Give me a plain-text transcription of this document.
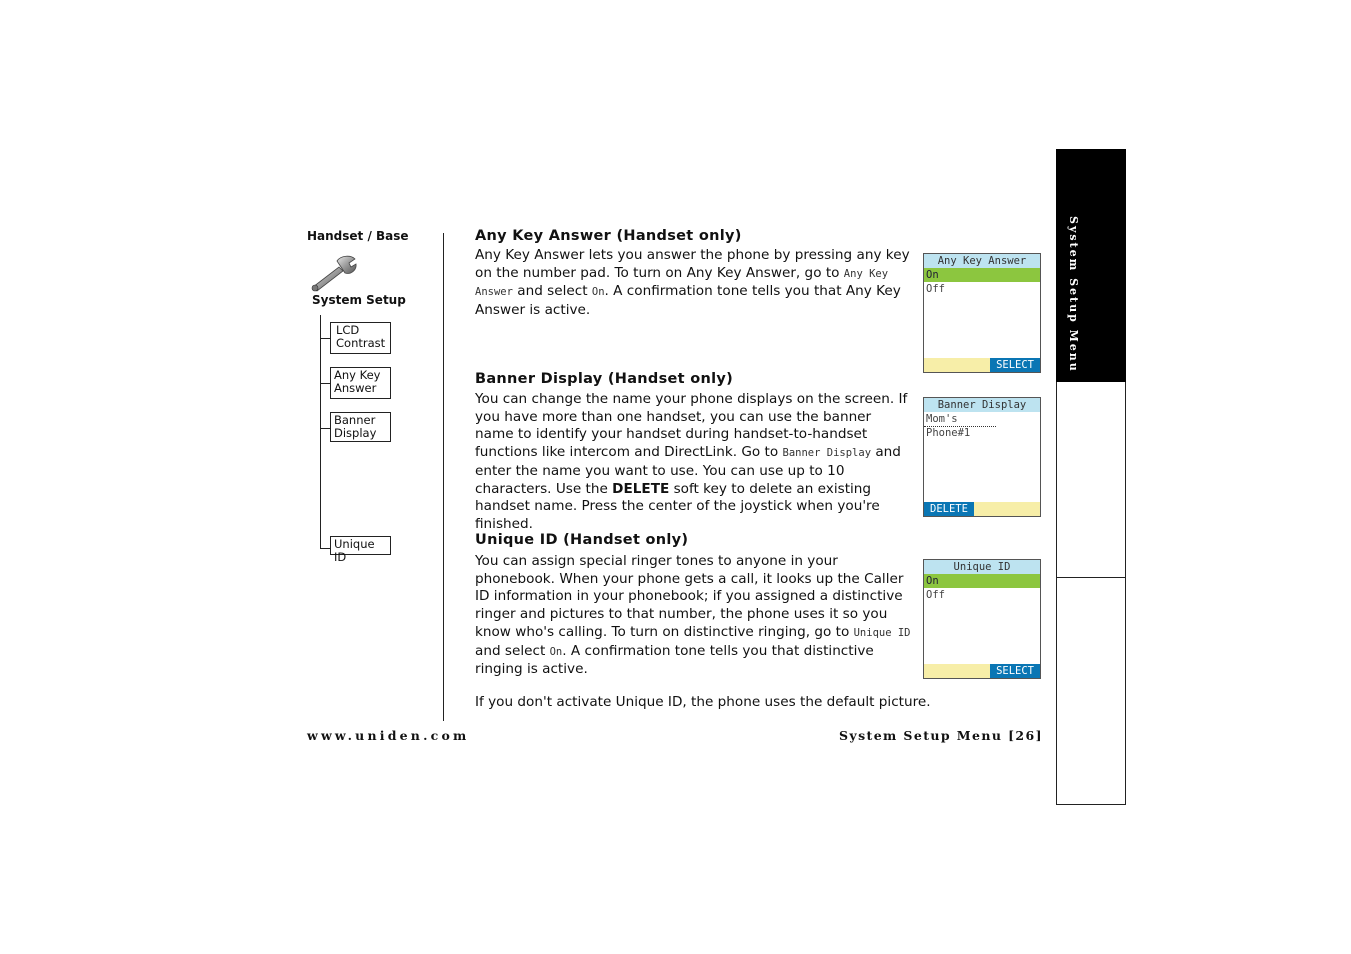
Handset / Base
System Setup
LCD
Contrast
Any Key
Answer
Banner
Display
Unique ID
Any Key Answer (Handset only)
Any Key Answer lets you answer the phone by pressing any key on the number pad. To turn on Any Key Answer, go to Any Key Answer and select On. A confirmation tone tells you that Any Key Answer is active.
Any Key Answer
On
Off
SELECT
Banner Display (Handset only)
You can change the name your phone displays on the screen. If you have more than one handset, you can use the banner name to identify your handset during handset-to-handset functions like intercom and DirectLink. Go to Banner Display and enter the name you want to use. You can use up to 10 characters. Use the DELETE soft key to delete an existing handset name. Press the center of the joystick when you're finished.
Banner Display
Mom's Phone#1
DELETE
Unique ID (Handset only)
You can assign special ringer tones to anyone in your phonebook. When your phone gets a call, it looks up the Caller ID information in your phonebook; if you assigned a distinctive ringer and pictures to that number, the phone uses it so you know who's calling. To turn on distinctive ringing, go to Unique ID and select On. A confirmation tone tells you that distinctive ringing is active.
If you don't activate Unique ID, the phone uses the default picture.
Unique ID
On
Off
SELECT
www.uniden.com	System Setup Menu [26]
System Setup Menu
